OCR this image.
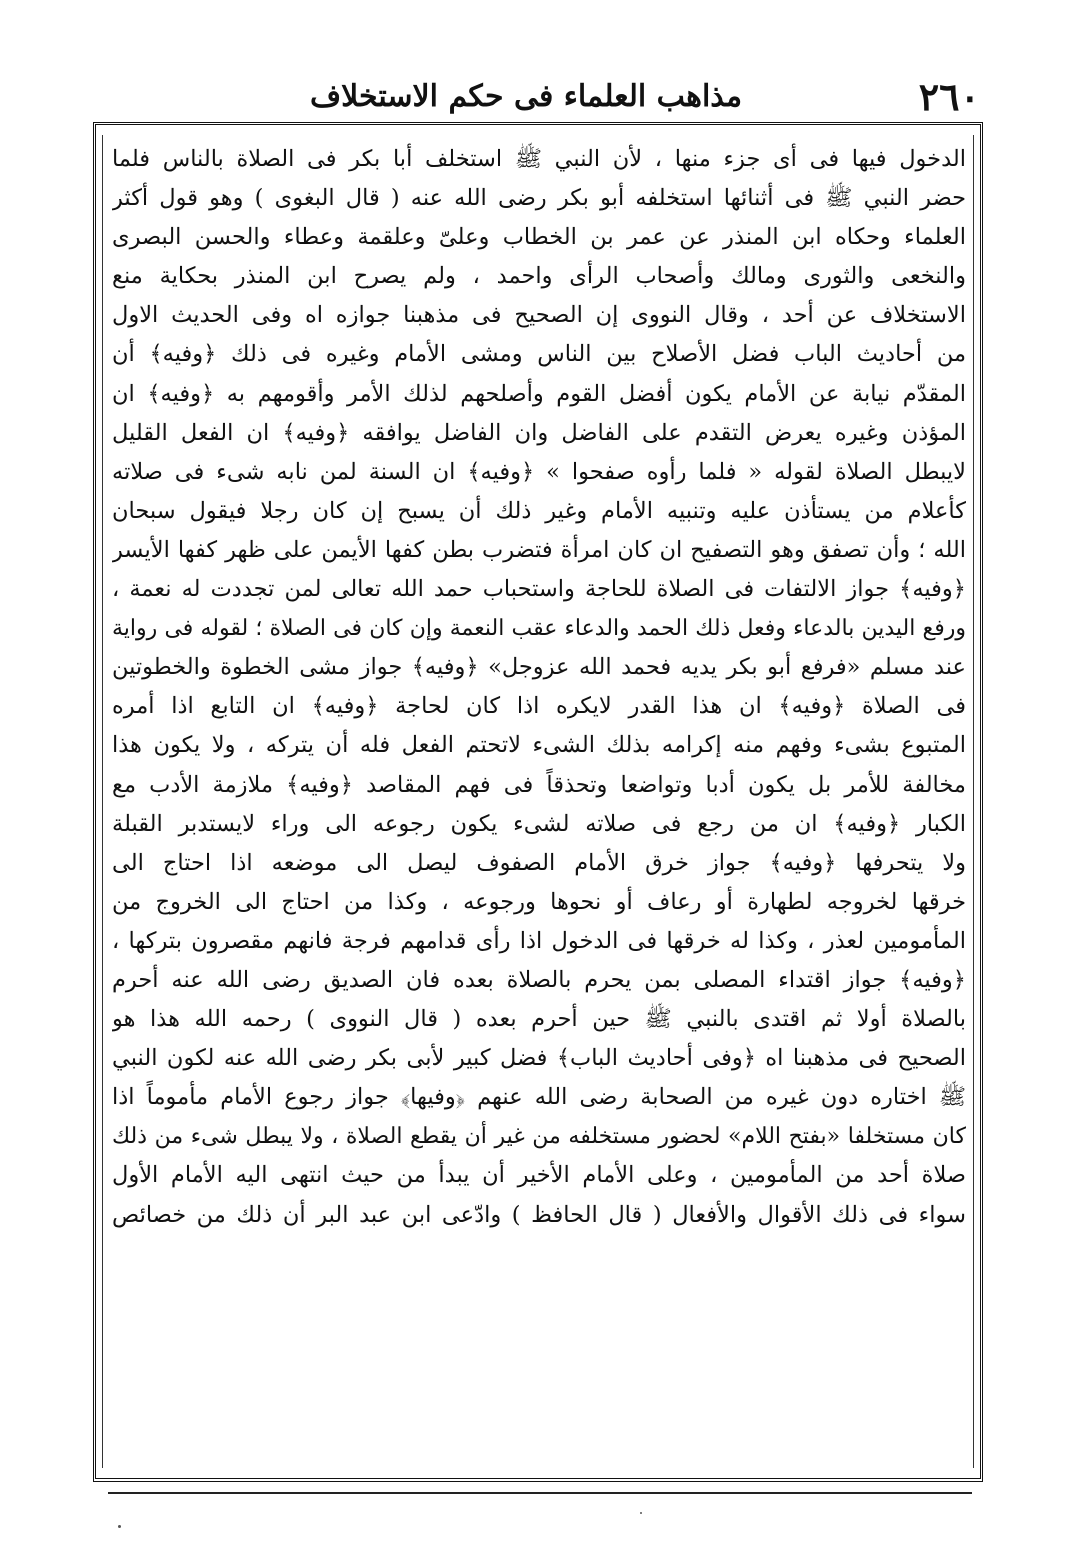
٢٦٠
مذاهب العلماء فى حكم الاستخلاف
الدخول فيها فى أى جزء منها ، لأن النبي ﷺ استخلف أبا بكر فى الصلاة بالناس فلما
حضر النبي ﷺ فى أثنائها استخلفه أبو بكر رضى الله عنه ( قال البغوى ) وهو قول أكثر
العلماء وحكاه ابن المنذر عن عمر بن الخطاب وعلىّ وعلقمة وعطاء والحسن البصرى
والنخعى والثورى ومالك وأصحاب الرأى واحمد ، ولم يصرح ابن المنذر بحكاية منع
الاستخلاف عن أحد ، وقال النووى إن الصحيح فى مذهبنا جوازه اه وفى الحديث الاول
من أحاديث الباب فضل الأصلاح بين الناس ومشى الأمام وغيره فى ذلك ﴿وفيه﴾ أن
المقدّم نيابة عن الأمام يكون أفضل القوم وأصلحهم لذلك الأمر وأقومهم به ﴿وفيه﴾ ان
المؤذن وغيره يعرض التقدم على الفاضل وان الفاضل يوافقه ﴿وفيه﴾ ان الفعل القليل
لايبطل الصلاة لقوله « فلما رأوه صفحوا » ﴿وفيه﴾ ان السنة لمن نابه شىء فى صلاته
كأعلام من يستأذن عليه وتنبيه الأمام وغير ذلك أن يسبح إن كان رجلا فيقول سبحان
الله ؛ وأن تصفق وهو التصفيح ان كان امرأة فتضرب بطن كفها الأيمن على ظهر كفها الأيسر
﴿وفيه﴾ جواز الالتفات فى الصلاة للحاجة واستحباب حمد الله تعالى لمن تجددت له نعمة ،
ورفع اليدين بالدعاء وفعل ذلك الحمد والدعاء عقب النعمة وإن كان فى الصلاة ؛ لقوله فى رواية
عند مسلم «فرفع أبو بكر يديه فحمد الله عزوجل» ﴿وفيه﴾ جواز مشى الخطوة والخطوتين
فى الصلاة ﴿وفيه﴾ ان هذا القدر لايكره اذا كان لحاجة ﴿وفيه﴾ ان التابع اذا أمره
المتبوع بشىء وفهم منه إكرامه بذلك الشىء لاتحتم الفعل فله أن يتركه ، ولا يكون هذا
مخالفة للأمر بل يكون أدبا وتواضعا وتحذقاً فى فهم المقاصد ﴿وفيه﴾ ملازمة الأدب مع
الكبار ﴿وفيه﴾ ان من رجع فى صلاته لشىء يكون رجوعه الى وراء لايستدبر القبلة
ولا يتحرفها ﴿وفيه﴾ جواز خرق الأمام الصفوف ليصل الى موضعه اذا احتاج الى
خرقها لخروجه لطهارة أو رعاف أو نحوها ورجوعه ، وكذا من احتاج الى الخروج من
المأمومين لعذر ، وكذا له خرقها فى الدخول اذا رأى قدامهم فرجة فانهم مقصرون بتركها ،
﴿وفيه﴾ جواز اقتداء المصلى بمن يحرم بالصلاة بعده فان الصديق رضى الله عنه أحرم
بالصلاة أولا ثم اقتدى بالنبي ﷺ حين أحرم بعده ( قال النووى ) رحمه الله هذا هو
الصحيح فى مذهبنا اه ﴿وفى أحاديث الباب﴾ فضل كبير لأبى بكر رضى الله عنه لكون النبي
ﷺ اختاره دون غيره من الصحابة رضى الله عنهم ﴿وفيها﴾ جواز رجوع الأمام مأموماً اذا
كان مستخلفا «بفتح اللام» لحضور مستخلفه من غير أن يقطع الصلاة ، ولا يبطل شىء من ذلك
صلاة أحد من المأمومين ، وعلى الأمام الأخير أن يبدأ من حيث انتهى اليه الأمام الأول
سواء فى ذلك الأقوال والأفعال ( قال الحافظ ) وادّعى ابن عبد البر أن ذلك من خصائص
